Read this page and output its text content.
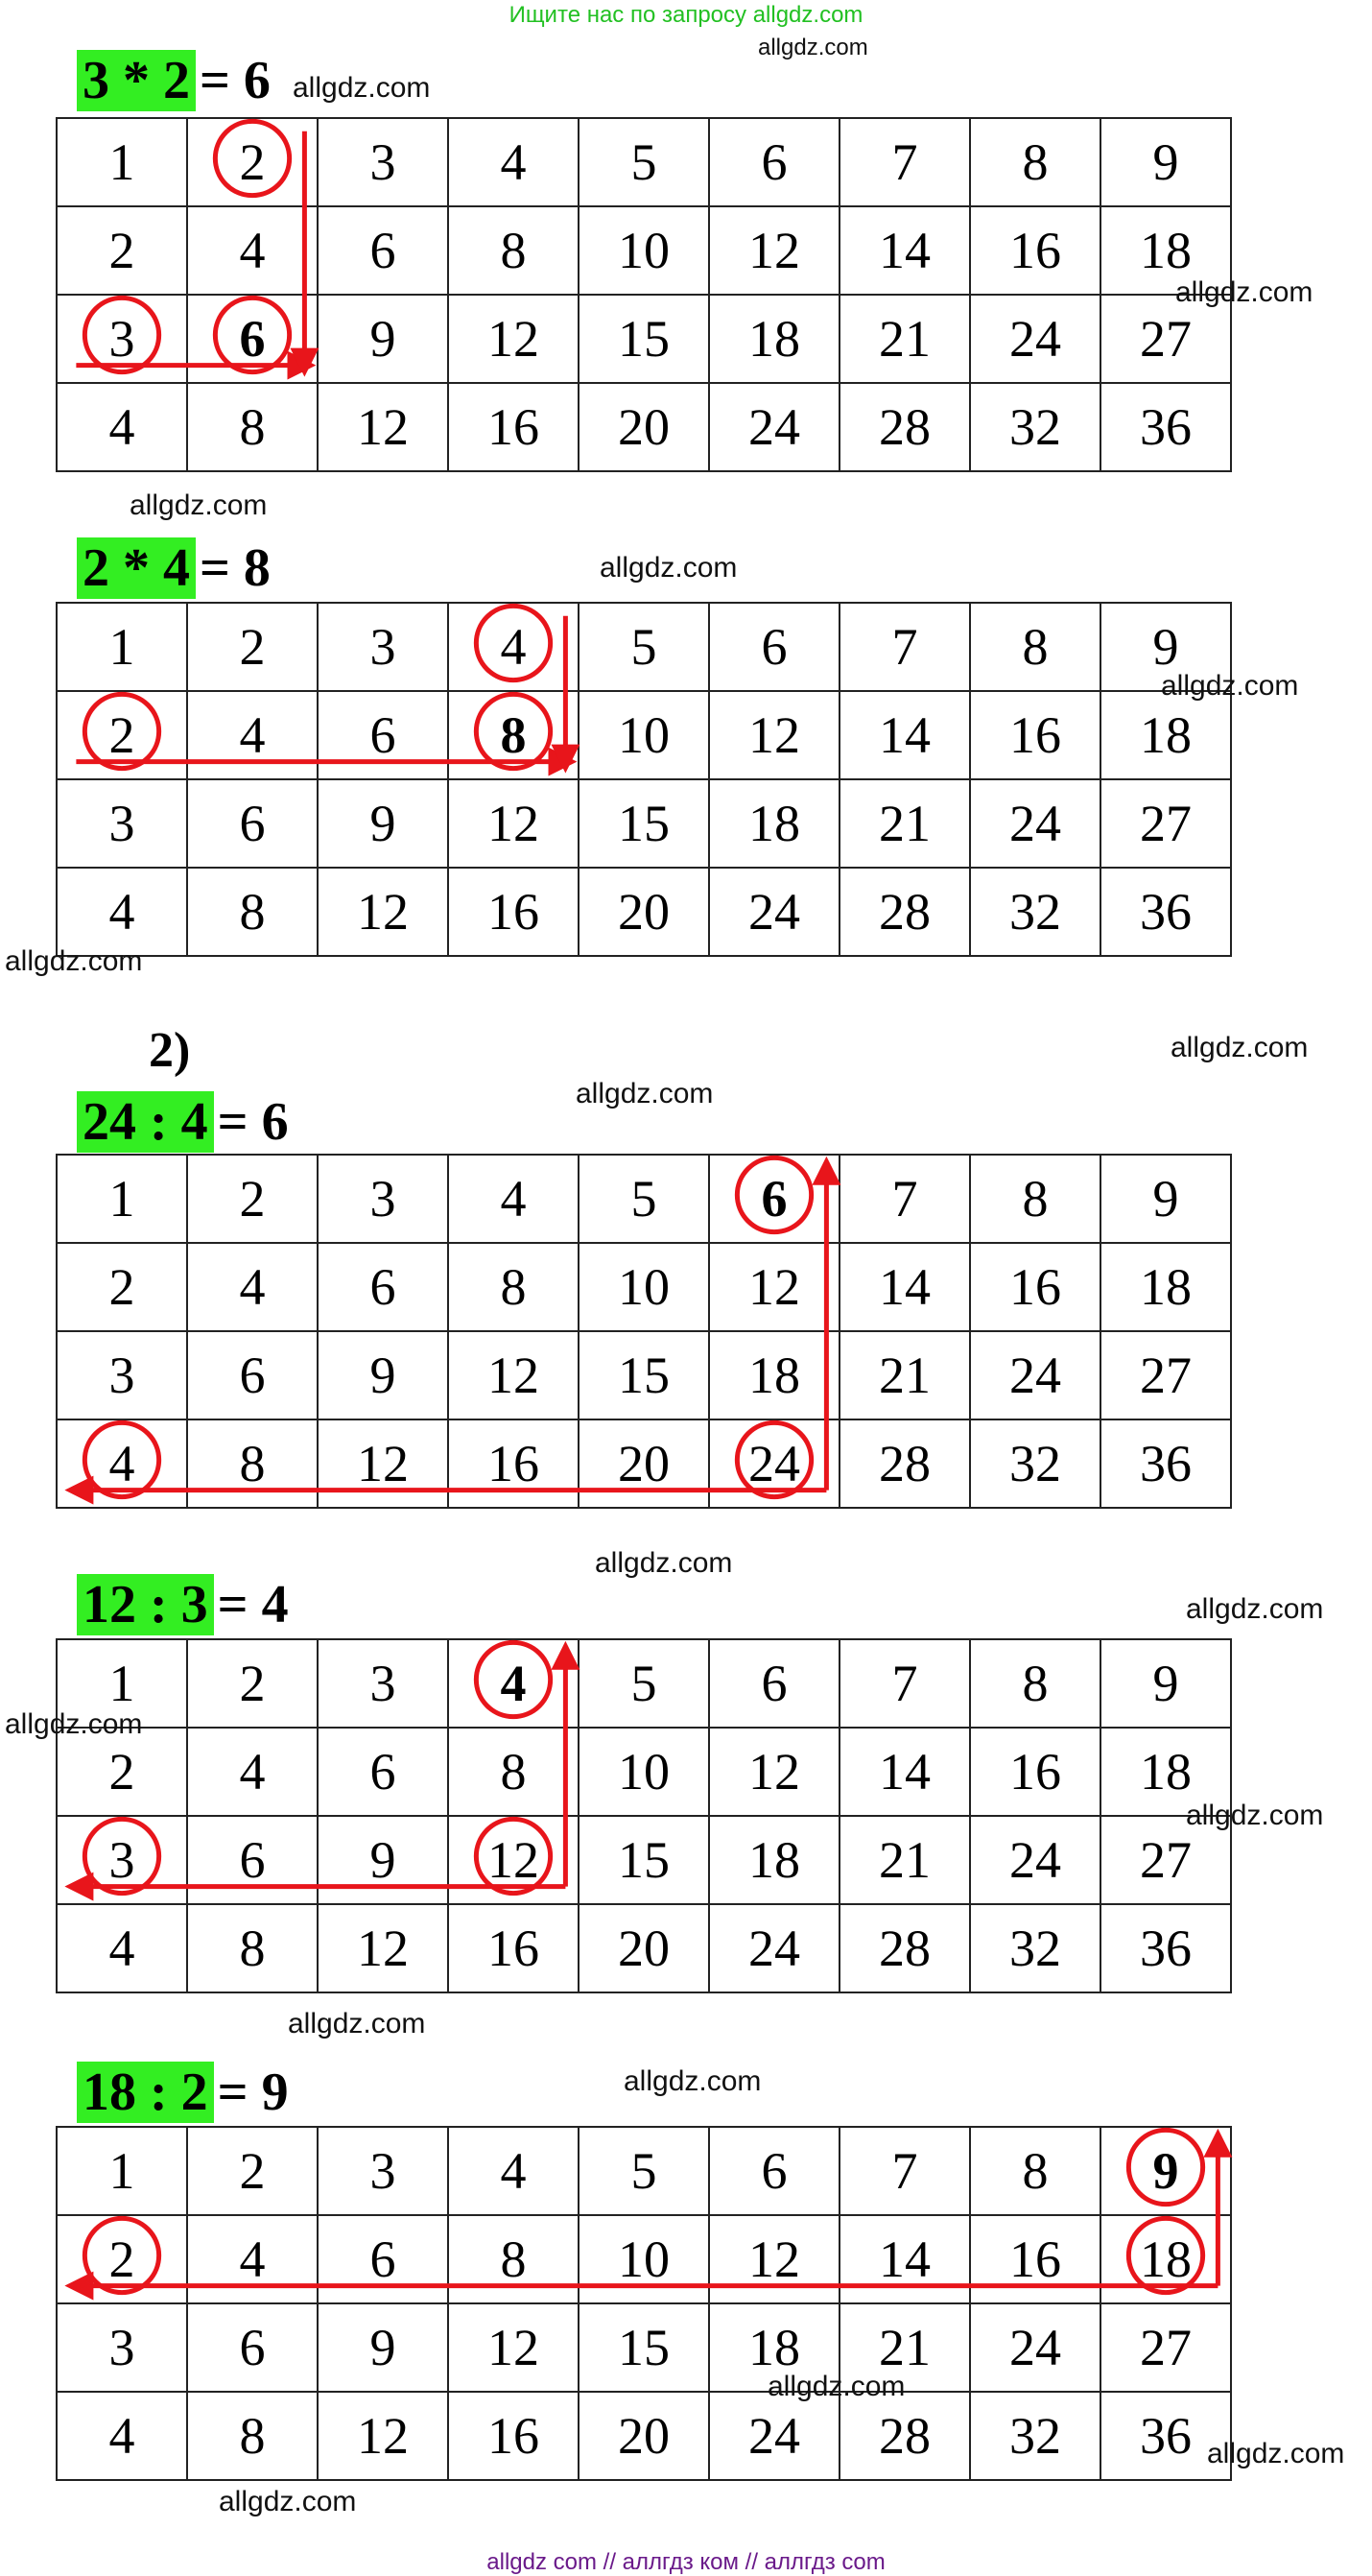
Ищите нас по запросу allgdz.com
2)
3 * 2 = 6
1	2	3	4	5	6	7	8	9
2	4	6	8	10	12	14	16	18
3	6	9	12	15	18	21	24	27
4	8	12	16	20	24	28	32	36
2 * 4 = 8
1	2	3	4	5	6	7	8	9
2	4	6	8	10	12	14	16	18
3	6	9	12	15	18	21	24	27
4	8	12	16	20	24	28	32	36
24 : 4 = 6
1	2	3	4	5	6	7	8	9
2	4	6	8	10	12	14	16	18
3	6	9	12	15	18	21	24	27
4	8	12	16	20	24	28	32	36
12 : 3 = 4
1	2	3	4	5	6	7	8	9
2	4	6	8	10	12	14	16	18
3	6	9	12	15	18	21	24	27
4	8	12	16	20	24	28	32	36
18 : 2 = 9
1	2	3	4	5	6	7	8	9
2	4	6	8	10	12	14	16	18
3	6	9	12	15	18	21	24	27
4	8	12	16	20	24	28	32	36
allgdz.com
allgdz.com
allgdz.com
allgdz.com
allgdz.com
allgdz.com
allgdz.com
allgdz.com
allgdz.com
allgdz.com
allgdz.com
allgdz.com
allgdz.com
allgdz.com
allgdz.com
allgdz.com
allgdz.com
allgdz.com
allgdz com // аллгдз ком // аллгдз com
